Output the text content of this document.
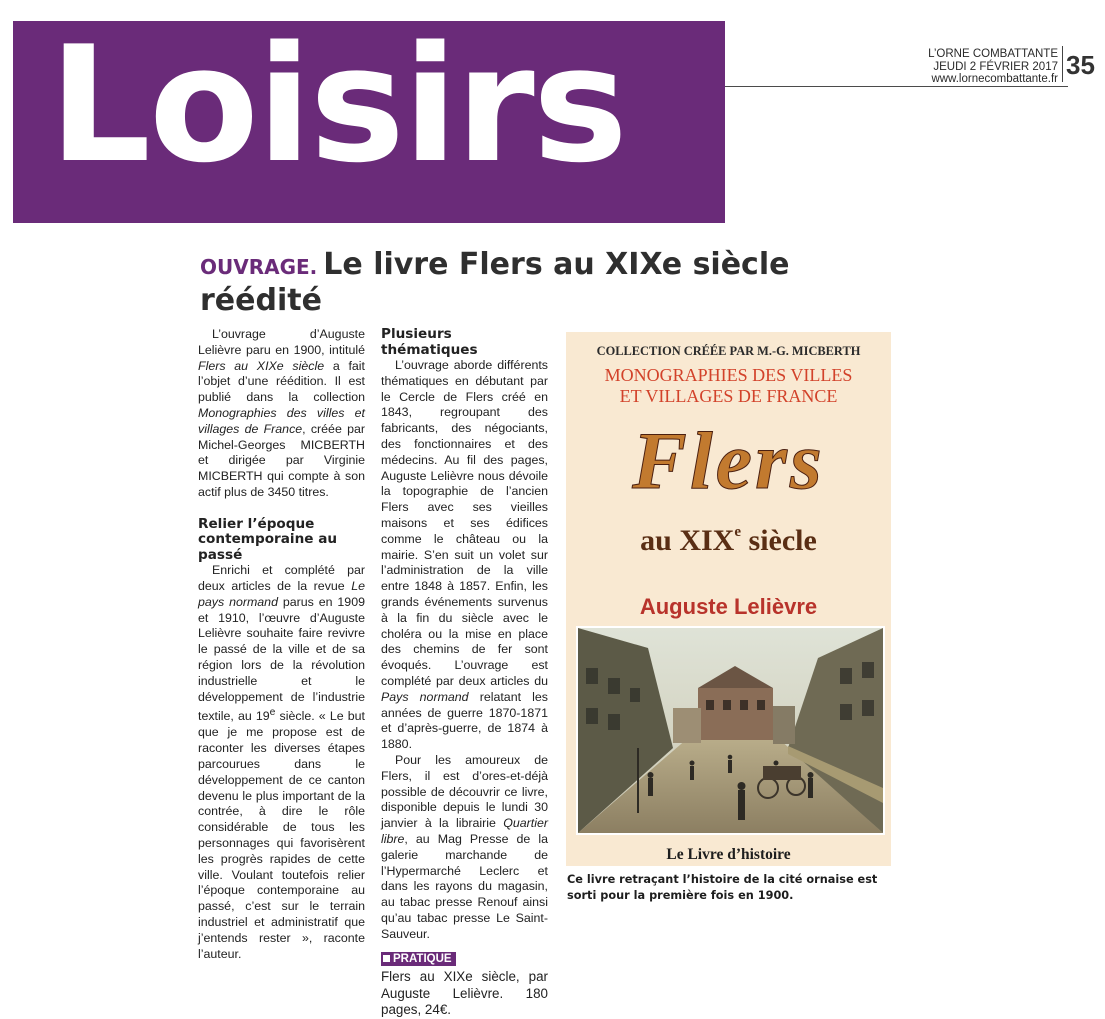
Loisirs	L’ORNE COMBATTANTE
JEUDI 2 FÉVRIER 2017
www.lornecombattante.fr 35
OUVRAGE. Le livre Flers au XIXe siècle réédité

L’ouvrage d’Auguste Lelièvre paru en 1900, intitulé Flers au XIXe siècle a fait l’objet d’une réédition. Il est publié dans la collection Monographies des villes et villages de France, créée par Michel-Georges MICBERTH et dirigée par Virginie MICBERTH qui compte à son actif plus de 3450 titres.

Relier l’époque contemporaine au passé

Enrichi et complété par deux articles de la revue Le pays normand parus en 1909 et 1910, l’œuvre d’Auguste Lelièvre souhaite faire revivre le passé de la ville et de sa région lors de la révolution industrielle et le développement de l’industrie textile, au 19e siècle. « Le but que je me propose est de raconter les diverses étapes parcourues dans le développement de ce canton devenu le plus important de la contrée, à dire le rôle considérable de tous les personnages qui favorisèrent les progrès rapides de cette ville. Voulant toutefois relier l’époque contemporaine au passé, c’est sur le terrain industriel et administratif que j’entends rester », raconte l’auteur.

Plusieurs thématiques

L’ouvrage aborde différents thématiques en débutant par le Cercle de Flers créé en 1843, regroupant des fabricants, des négociants, des fonctionnaires et des médecins. Au fil des pages, Auguste Lelièvre nous dévoile la topographie de l’ancien Flers avec ses vieilles maisons et ses édifices comme le château ou la mairie. S’en suit un volet sur l’administration de la ville entre 1848 à 1857. Enfin, les grands événements survenus à la fin du siècle avec le choléra ou la mise en place des chemins de fer sont évoqués. L’ouvrage est complété par deux articles du Pays normand relatant les années de guerre 1870-1871 et d’après-guerre, de 1874 à 1880.

Pour les amoureux de Flers, il est d’ores-et-déjà possible de découvrir ce livre, disponible depuis le lundi 30 janvier à la librairie Quartier libre, au Mag Presse de la galerie marchande de l’Hypermarché Leclerc et dans les rayons du magasin, au tabac presse Renouf ainsi qu’au tabac presse Le Saint-Sauveur.

PRATIQUE

Flers au XIXe siècle, par Auguste Lelièvre. 180 pages, 24€.

COLLECTION CRÉÉE PAR M.-G. MICBERTH
MONOGRAPHIES DES VILLES
ET VILLAGES DE FRANCE
Flers
au XIXe siècle
Auguste Lelièvre
Le Livre d’histoire
Ce livre retraçant l’histoire de la cité ornaise est sorti pour la première fois en 1900.
